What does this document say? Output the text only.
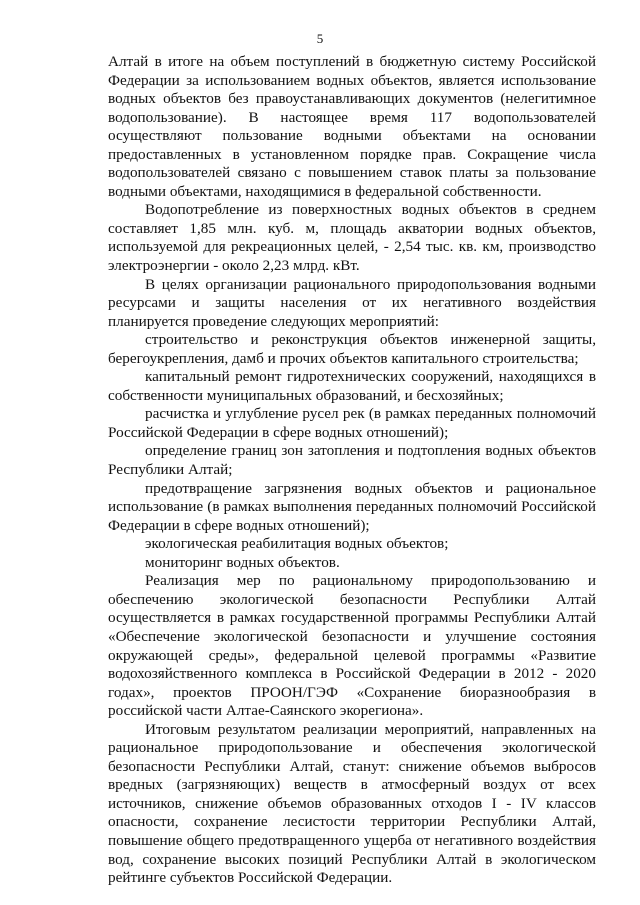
5

Алтай в итоге на объем поступлений в бюджетную систему Российской Федерации за использованием водных объектов, является использование водных объектов без правоустанавливающих документов (нелегитимное водопользование). В настоящее время 117 водопользователей осуществляют пользование водными объектами на основании предоставленных в установленном порядке прав. Сокращение числа водопользователей связано с повышением ставок платы за пользование водными объектами, находящимися в федеральной собственности.

Водопотребление из поверхностных водных объектов в среднем составляет 1,85 млн. куб. м, площадь акватории водных объектов, используемой для рекреационных целей, - 2,54 тыс. кв. км, производство электроэнергии - около 2,23 млрд. кВт.

В целях организации рационального природопользования водными ресурсами и защиты населения от их негативного воздействия планируется проведение следующих мероприятий:

строительство и реконструкция объектов инженерной защиты, берегоукрепления, дамб и прочих объектов капитального строительства;

капитальный ремонт гидротехнических сооружений, находящихся в собственности муниципальных образований, и бесхозяйных;

расчистка и углубление русел рек (в рамках переданных полномочий Российской Федерации в сфере водных отношений);

определение границ зон затопления и подтопления водных объектов Республики Алтай;

предотвращение загрязнения водных объектов и рациональное использование (в рамках выполнения переданных полномочий Российской Федерации в сфере водных отношений);

экологическая реабилитация водных объектов;

мониторинг водных объектов.

Реализация мер по рациональному природопользованию и обеспечению экологической безопасности Республики Алтай осуществляется в рамках государственной программы Республики Алтай «Обеспечение экологической безопасности и улучшение состояния окружающей среды», федеральной целевой программы «Развитие водохозяйственного комплекса в Российской Федерации в 2012 - 2020 годах», проектов ПРООН/ГЭФ «Сохранение биоразнообразия в российской части Алтае-Саянского экорегиона».

Итоговым результатом реализации мероприятий, направленных на рациональное природопользование и обеспечения экологической безопасности Республики Алтай, станут: снижение объемов выбросов вредных (загрязняющих) веществ в атмосферный воздух от всех источников, снижение объемов образованных отходов I - IV классов опасности, сохранение лесистости территории Республики Алтай, повышение общего предотвращенного ущерба от негативного воздействия вод, сохранение высоких позиций Республики Алтай в экологическом рейтинге субъектов Российской Федерации.
